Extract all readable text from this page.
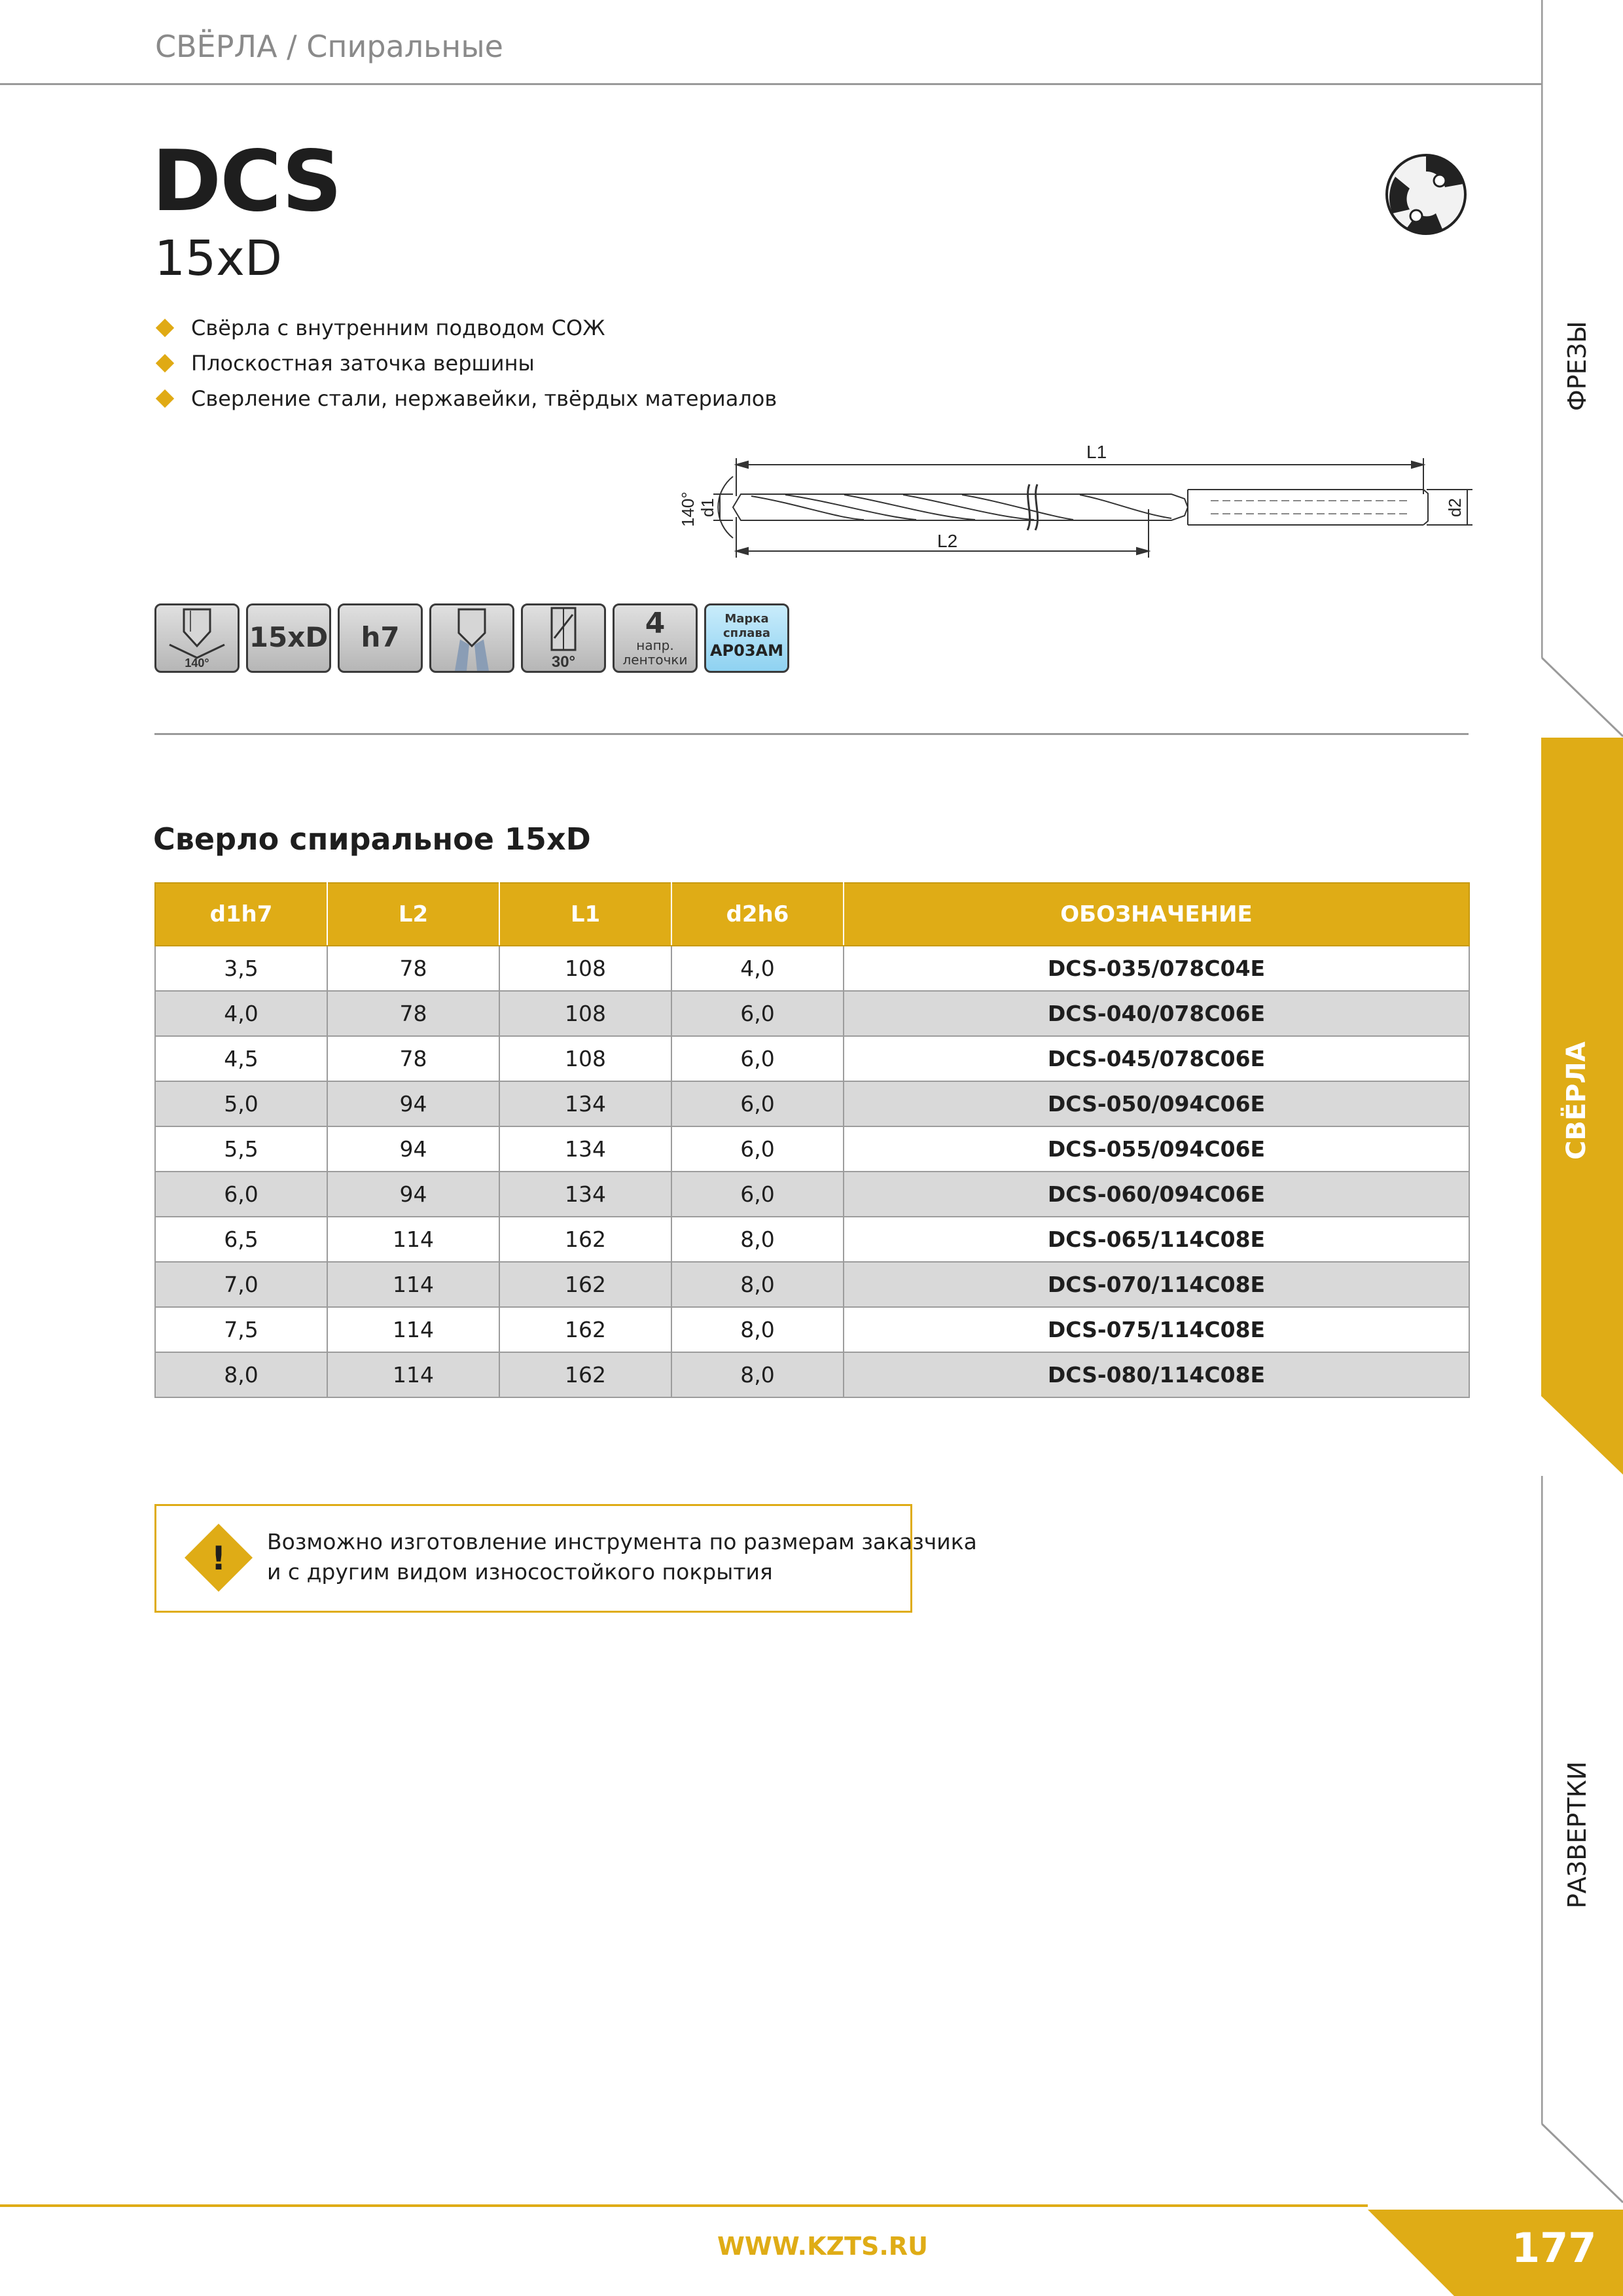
ФРЕЗЫ
СВЁРЛА
РАЗВЕРТКИ
СВЁРЛА / Спиральные
DCS
15xD
Свёрла с внутренним подводом СОЖ
Плоскостная заточка вершины
Сверление стали, нержавейки, твёрдых материалов
L1
L2
d1
140°	d2
140°
15xD	h7
30°
4
напр.
ленточки
Марка
сплава
AP03AM
Сверло спиральное 15xD
d1h7	L2	L1	d2h6	ОБОЗНАЧЕНИЕ
3,5	78	108	4,0	DCS-035/078C04E
4,0	78	108	6,0	DCS-040/078C06E
4,5	78	108	6,0	DCS-045/078C06E
5,0	94	134	6,0	DCS-050/094C06E
5,5	94	134	6,0	DCS-055/094C06E
6,0	94	134	6,0	DCS-060/094C06E
6,5	114	162	8,0	DCS-065/114C08E
7,0	114	162	8,0	DCS-070/114C08E
7,5	114	162	8,0	DCS-075/114C08E
8,0	114	162	8,0	DCS-080/114C08E
! Возможно изготовление инструмента по размерам заказчика
и с другим видом износостойкого покрытия
WWW.KZTS.RU	177
